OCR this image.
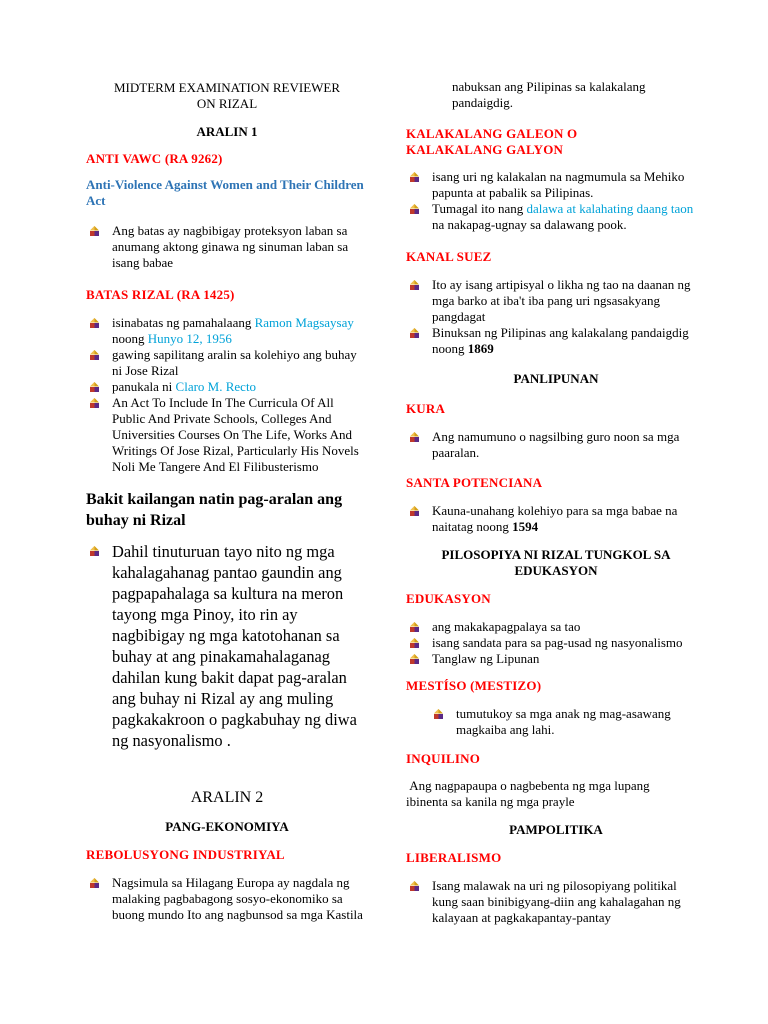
MIDTERM EXAMINATION REVIEWER

ON RIZAL

ARALIN 1

ANTI VAWC (RA 9262)

Anti-Violence Against Women and Their Children Act

Ang batas ay nagbibigay proteksyon laban sa anumang aktong ginawa ng sinuman laban sa isang babae

BATAS RIZAL (RA 1425)

isinabatas ng pamahalaang Ramon Magsaysay noong Hunyo 12, 1956
gawing sapilitang aralin sa kolehiyo ang buhay ni Jose Rizal
panukala ni Claro M. Recto
An Act To Include In The Curricula Of All Public And Private Schools, Colleges And Universities Courses On The Life, Works And Writings Of Jose Rizal, Particularly His Novels Noli Me Tangere And El Filibusterismo

Bakit kailangan natin pag-aralan ang buhay ni Rizal

Dahil tinuturuan tayo nito ng mga kahalagahanag pantao gaundin ang pagpapahalaga sa kultura na meron tayong mga Pinoy, ito rin ay nagbibigay ng mga katotohanan sa buhay at ang pinakamahalaganag dahilan kung bakit dapat pag-aralan ang buhay ni Rizal ay ang muling pagkakakroon o pagkabuhay ng diwa ng nasyonalismo .

ARALIN 2

PANG-EKONOMIYA

REBOLUSYONG INDUSTRIYAL

Nagsimula sa Hilagang Europa ay nagdala ng malaking pagbabagong sosyo-ekonomiko sa buong mundo Ito ang nagbunsod sa mga Kastila

nabuksan ang Pilipinas sa kalakalang pandaigdig.

KALAKALANG GALEON O KALAKALANG GALYON

isang uri ng kalakalan na nagmumula sa Mehiko papunta at pabalik sa Pilipinas.
Tumagal ito nang dalawa at kalahating daang taon na nakapag-ugnay sa dalawang pook.

KANAL SUEZ

Ito ay isang artipisyal o likha ng tao na daanan ng mga barko at iba't iba pang uri ngsasakyang pangdagat
Binuksan ng Pilipinas ang kalakalang pandaigdig noong 1869

PANLIPUNAN

KURA

Ang namumuno o nagsilbing guro noon sa mga paaralan.

SANTA POTENCIANA

Kauna-unahang kolehiyo para sa mga babae na naitatag noong 1594

PILOSOPIYA NI RIZAL TUNGKOL SA EDUKASYON

EDUKASYON

ang makakapagpalaya sa tao
isang sandata para sa pag-usad ng nasyonalismo
Tanglaw ng Lipunan

MESTÍSO (MESTIZO)

tumutukoy sa mga anak ng mag-asawang magkaiba ang lahi.

INQUILINO

Ang nagpapaupa o nagbebenta ng mga lupang ibinenta sa kanila ng mga prayle

PAMPOLITIKA

LIBERALISMO

Isang malawak na uri ng pilosopiyang politikal kung saan binibigyang-diin ang kahalagahan ng kalayaan at pagkakapantay-pantay
